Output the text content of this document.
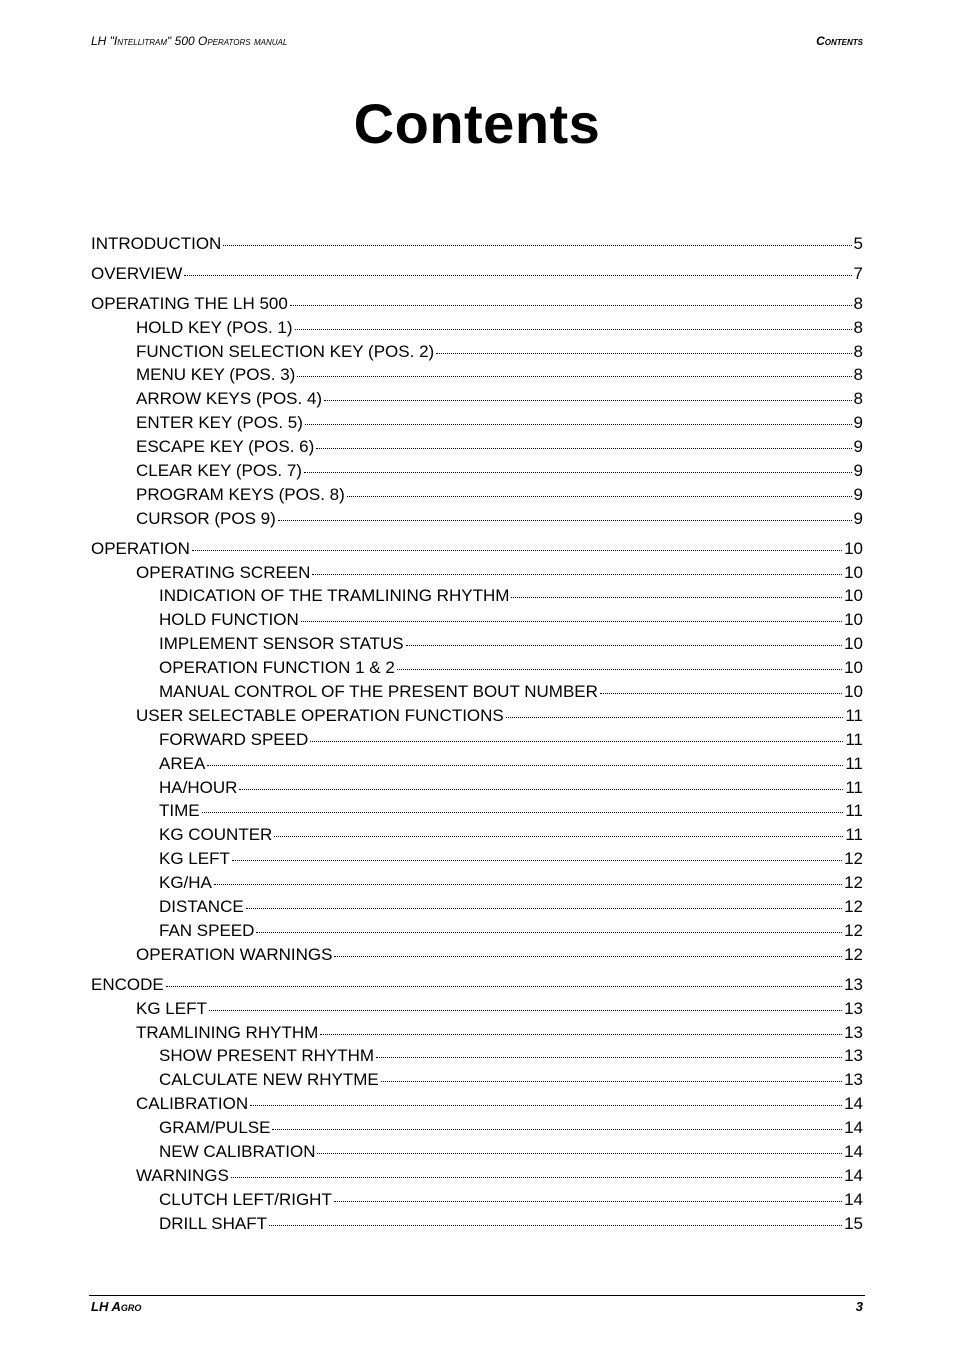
LH "Intellitram" 500 Operators manual	Contents
Contents
INTRODUCTION	5
OVERVIEW	7
OPERATING THE LH 500	8
HOLD KEY (POS. 1)	8
FUNCTION SELECTION KEY (POS. 2)	8
MENU KEY (POS. 3)	8
ARROW KEYS (POS. 4)	8
ENTER KEY (POS. 5)	9
ESCAPE KEY (POS. 6)	9
CLEAR KEY (POS. 7)	9
PROGRAM KEYS (POS. 8)	9
CURSOR (POS 9)	9
OPERATION	10
OPERATING SCREEN	10
INDICATION OF THE TRAMLINING RHYTHM	10
HOLD FUNCTION	10
IMPLEMENT SENSOR STATUS	10
OPERATION FUNCTION 1 & 2	10
MANUAL CONTROL OF THE PRESENT BOUT NUMBER	10
USER SELECTABLE OPERATION FUNCTIONS	11
FORWARD SPEED	11
AREA	11
HA/HOUR	11
TIME	11
KG COUNTER	11
KG LEFT	12
KG/HA	12
DISTANCE	12
FAN SPEED	12
OPERATION WARNINGS	12
ENCODE	13
KG LEFT	13
TRAMLINING RHYTHM	13
SHOW PRESENT RHYTHM	13
CALCULATE NEW RHYTME	13
CALIBRATION	14
GRAM/PULSE	14
NEW CALIBRATION	14
WARNINGS	14
CLUTCH LEFT/RIGHT	14
DRILL SHAFT	15
LH Agro	3
